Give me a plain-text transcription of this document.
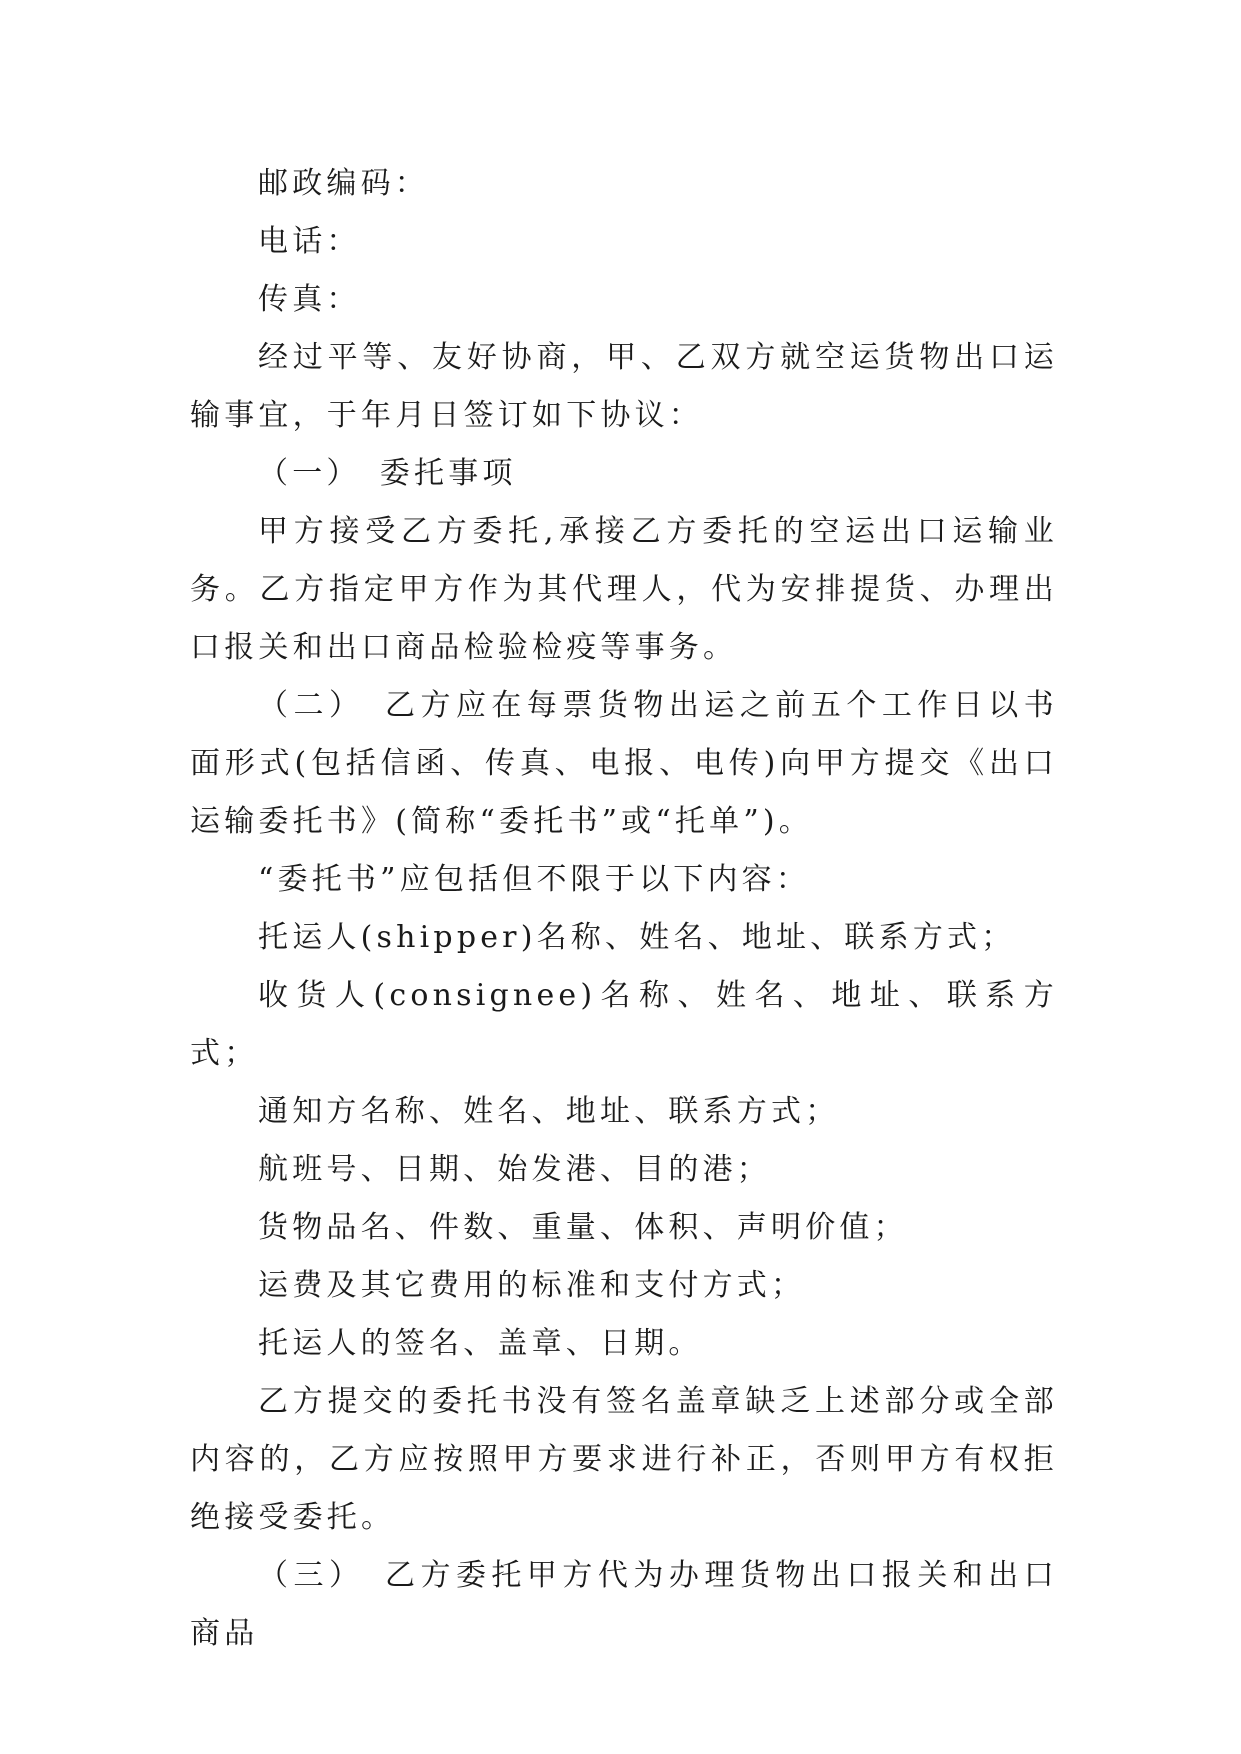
邮政编码：

电话：

传真：

经过平等、友好协商，甲、乙双方就空运货物出口运输事宜，于年月日签订如下协议：

（一）　委托事项

甲方接受乙方委托,承接乙方委托的空运出口运输业务。乙方指定甲方作为其代理人，代为安排提货、办理出口报关和出口商品检验检疫等事务。

（二）　乙方应在每票货物出运之前五个工作日以书面形式(包括信函、传真、电报、电传)向甲方提交《出口运输委托书》(简称“委托书”或“托单”)。

“委托书”应包括但不限于以下内容：

托运人(shipper)名称、姓名、地址、联系方式；

收货人(consignee)名称、姓名、地址、联系方式；

通知方名称、姓名、地址、联系方式；

航班号、日期、始发港、目的港；

货物品名、件数、重量、体积、声明价值；

运费及其它费用的标准和支付方式；

托运人的签名、盖章、日期。

乙方提交的委托书没有签名盖章缺乏上述部分或全部内容的，乙方应按照甲方要求进行补正，否则甲方有权拒绝接受委托。

（三）　乙方委托甲方代为办理货物出口报关和出口商品
